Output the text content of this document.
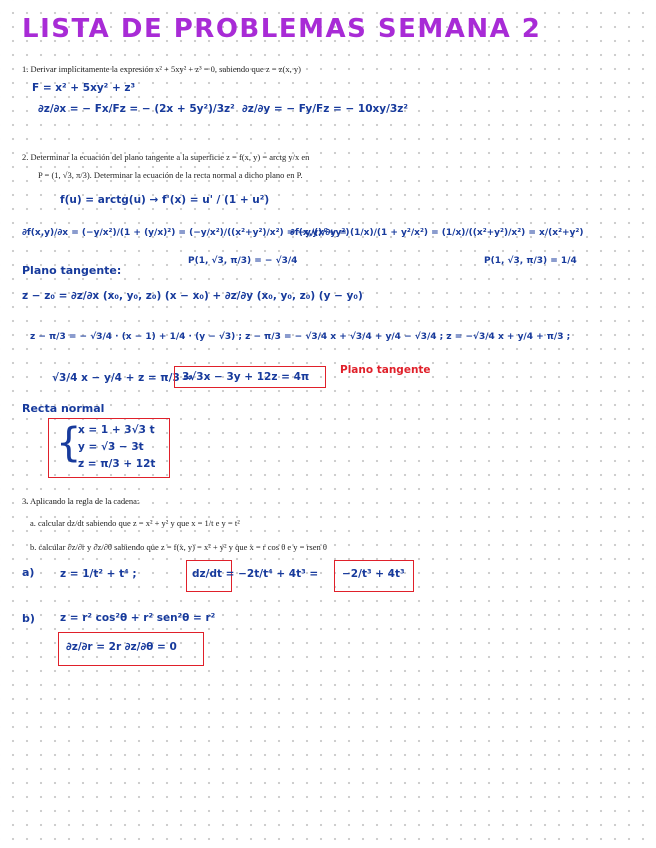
LISTA DE PROBLEMAS SEMANA 2
1. Derivar implícitamente la expresión x² + 5xy² + z³ = 0, sabiendo que z = z(x, y)
F = x² + 5xy² + z³
∂z/∂x = − Fx/Fz = − (2x + 5y²)/3z² ∂z/∂y = − Fy/Fz = − 10xy/3z²
2. Determinar la ecuación del plano tangente a la superficie z = f(x, y) = arctg y/x en
P = (1, √3, π/3). Determinar la ecuación de la recta normal a dicho plano en P.
f(u) = arctg(u) → f'(x) = u' / (1 + u²)
∂f(x,y)/∂x = (−y/x²)/(1 + (y/x)²) = (−y/x²)/((x²+y²)/x²) = −y/(x²+y²)
∂f(x,y)/∂y = (1/x)/(1 + y²/x²) = (1/x)/((x²+y²)/x²) = x/(x²+y²)
P(1, √3, π/3) = − √3/4	P(1, √3, π/3) = 1/4
Plano tangente:
z − z₀ = ∂z/∂x (x₀, y₀, z₀) (x − x₀) + ∂z/∂y (x₀, y₀, z₀) (y − y₀)
z − π/3 = − √3/4 · (x − 1) + 1/4 · (y − √3) ; z − π/3 = − √3/4 x + √3/4 + y/4 − √3/4 ; z = −√3/4 x + y/4 + π/3 ;
√3/4 x − y/4 + z = π/3 ⇒
3√3x − 3y + 12z = 4π
Plano tangente
Recta normal
{
x = 1 + 3√3 t
y = √3 − 3t
z = π/3 + 12t
3. Aplicando la regla de la cadena:
a. calcular dz/dt sabiendo que z = x² + y² y que x = 1/t e y = t²
b. calcular ∂z/∂r y ∂z/∂θ sabiendo que z = f(x, y) = x² + y² y que x = r cos θ e y = rsen θ
a) z = 1/t² + t⁴ ;	dz/dt = −2t/t⁴ + 4t³ = −2/t³ + 4t³
b) z = r² cos²θ + r² sen²θ = r²
∂z/∂r = 2r ∂z/∂θ = 0
